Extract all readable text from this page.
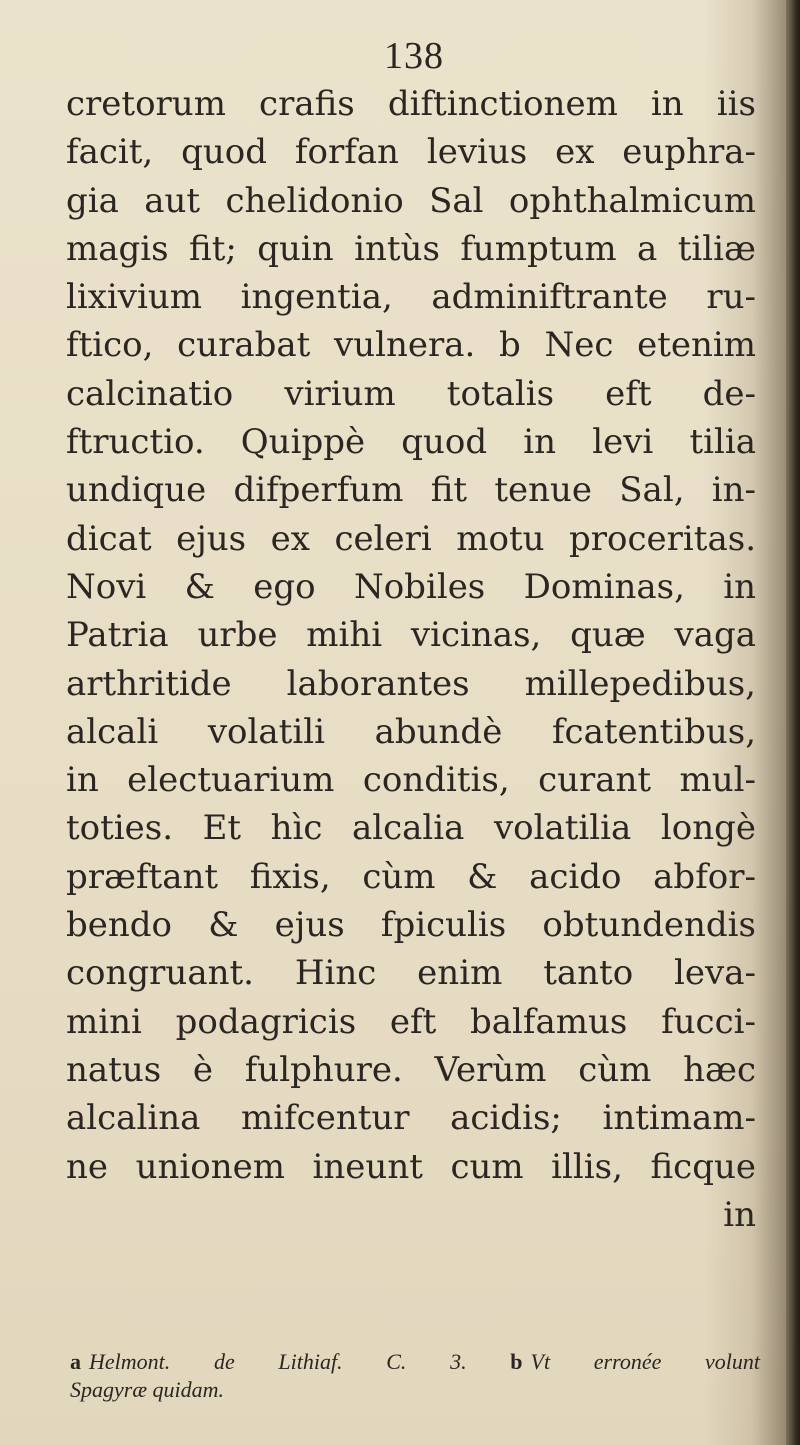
138
cretorum crafis diftinctionem in iis
facit, quod forfan levius ex euphra-
gia aut chelidonio Sal ophthalmicum
magis fit; quin intùs fumptum a tiliæ
lixivium ingentia, adminiftrante ru-
ftico, curabat vulnera. b Nec etenim
calcinatio virium totalis eft de-
ftructio. Quippè quod in levi tilia
undique difperfum fit tenue Sal, in-
dicat ejus ex celeri motu proceritas.
Novi & ego Nobiles Dominas, in
Patria urbe mihi vicinas, quæ vaga
arthritide laborantes millepedibus,
alcali volatili abundè fcatentibus,
in electuarium conditis, curant mul-
toties. Et hìc alcalia volatilia longè
præftant fixis, cùm & acido abfor-
bendo & ejus fpiculis obtundendis
congruant. Hinc enim tanto leva-
mini podagricis eft balfamus fucci-
natus è fulphure. Verùm cùm hæc
alcalina mifcentur acidis; intimam-
ne unionem ineunt cum illis, ficque
in
a Helmont. de Lithiaf. C. 3. b Vt erronée volunt
Spagyræ quidam.
